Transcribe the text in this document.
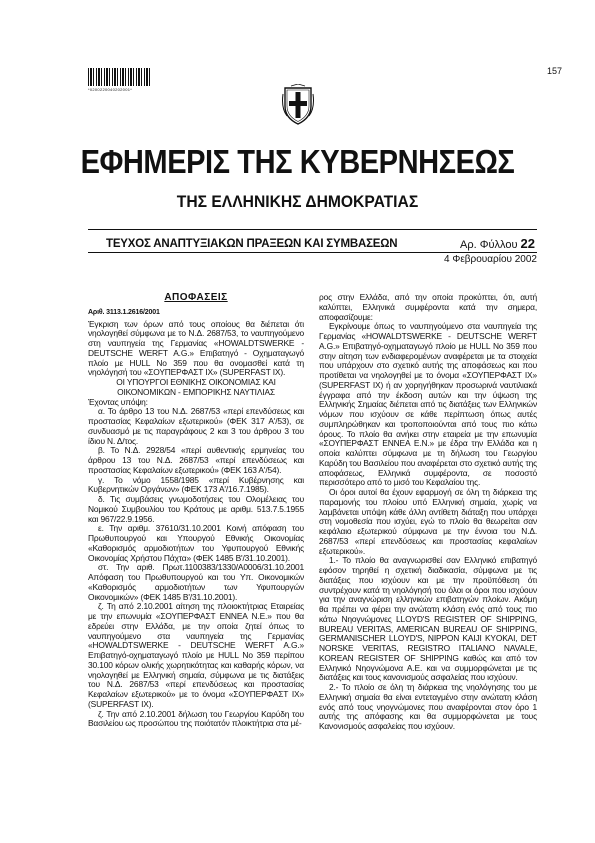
*0200220040202001*
157
ΕΦΗΜΕΡΙΣ ΤΗΣ ΚΥΒΕΡΝΗΣΕΩΣ
ΤΗΣ ΕΛΛΗΝΙΚΗΣ ΔΗΜΟΚΡΑΤΙΑΣ
ΤΕΥΧΟΣ ΑΝΑΠΤΥΞΙΑΚΩΝ ΠΡΑΞΕΩΝ ΚΑΙ ΣΥΜΒΑΣΕΩΝ	Αρ. Φύλλου 22
4 Φεβρουαρίου 2002
ΑΠΟΦΑΣΕΙΣ
Αριθ. 3113.1.2616/2001

Έγκριση των όρων από τους οποίους θα διέπεται ότι νηολογηθεί σύμφωνα με το Ν.Δ. 2687/53, το ναυπηγούμενο στη ναυπηγεία της Γερμανίας «HOWALDTSWERKE - DEUTSCHE WERFT A.G.» Επιβατηγό - Οχηματαγωγό πλοίο με HULL No 359 που θα ονομασθεί κατά τη νηολόγησή του «ΣΟΥΠΕΡΦΑΣΤ ΙΧ» (SUPERFAST IX).

ΟΙ ΥΠΟΥΡΓΟΙ ΕΘΝΙΚΗΣ ΟΙΚΟΝΟΜΙΑΣ ΚΑΙ ΟΙΚΟΝΟΜΙΚΩΝ - ΕΜΠΟΡΙΚΗΣ ΝΑΥΤΙΛΙΑΣ

Έχοντας υπόψη:

α. Το άρθρο 13 του Ν.Δ. 2687/53 «περί επενδύσεως και προστασίας Κεφαλαίων εξωτερικού» (ΦΕΚ 317 Α'/53), σε συνδυασμό με τις παραγράφους 2 και 3 του άρθρου 3 του ίδιου Ν. Δ/τος.

β. Το Ν.Δ. 2928/54 «περί αυθεντικής ερμηνείας του άρθρου 13 του Ν.Δ. 2687/53 «περί επενδύσεως και προστασίας Κεφαλαίων εξωτερικού» (ΦΕΚ 163 Α'/54).

γ. Το νόμο 1558/1985 «περί Κυβέρνησης και Κυβερνητικών Οργάνων» (ΦΕΚ 173 Α'/16.7.1985).

δ. Τις συμβάσεις γνωμοδοτήσεις του Ολομέλειας του Νομικού Συμβουλίου του Κράτους με αριθμ. 513.7.5.1955 και 967/22.9.1956.

ε. Την αριθμ. 37610/31.10.2001 Κοινή απόφαση του Πρωθυπουργού και Υπουργού Εθνικής Οικονομίας «Καθορισμός αρμοδιοτήτων του Υφυπουργού Εθνικής Οικονομίας Χρήστου Πάχτα» (ΦΕΚ 1485 Β'/31.10.2001).

στ. Την αριθ. Πρωτ.1100383/1330/Α0006/31.10.2001 Απόφαση του Πρωθυπουργού και του Υπ. Οικονομικών «Καθορισμός αρμοδιοτήτων των Υφυπουργών Οικονομικών» (ΦΕΚ 1485 Β'/31.10.2001).

ζ. Τη από 2.10.2001 αίτηση της πλοιοκτήτριας Εταιρείας με την επωνυμία «ΣΟΥΠΕΡΦΑΣΤ ENNEA Ν.Ε.» που θα εδρεύει στην Ελλάδα, με την οποία ζητεί όπως το ναυπηγούμενο στα ναυπηγεία της Γερμανίας «HOWALDTSWERKE - DEUTSCHE WERFT A.G.» Επιβατηγό-οχηματαγωγό πλοίο με HULL No 359 περίπου 30.100 κόρων ολικής χωρητικότητας και καθαρής κόρων, να νηολογηθεί με Ελληνική σημαία, σύμφωνα με τις διατάξεις του Ν.Δ. 2687/53 «περί επενδύσεως και προστασίας Κεφαλαίων εξωτερικού» με το όνομα «ΣΟΥΠΕΡΦΑΣΤ ΙΧ» (SUPERFAST IX).

ζ. Την από 2.10.2001 δήλωση του Γεωργίου Καρύδη του Βασιλείου ως προσώπου της ποιότατόν πλοικτήτρια στα μέ-

ρος στην Ελλάδα, από την οποία προκύπτει, ότι, αυτή καλύπτει, Ελληνικά συμφέροντα κατά την σημερα, αποφασίζουμε:

Εγκρίνουμε όπως το ναυπηγούμενο στα ναυπηγεία της Γερμανίας «HOWALDTSWERKE - DEUTSCHE WERFT A.G.» Επιβατηγό-οχηματαγωγό πλοίο με HULL No 359 που στην αίτηση των ενδιαφερομένων αναφέρεται με τα στοιχεία που υπάρχουν στο σχετικό αυτής της αποφάσεως και που προτίθεται να νηολογηθεί με το όνομα «ΣΟΥΠΕΡΦΑΣΤ ΙΧ» (SUPERFAST IX) ή αν χορηγήθηκαν προσωρινά ναυτιλιακά έγγραφα από την έκδοση αυτών και την ύψωση της Ελληνικής Σημαίας διέπεται από τις διατάξεις των Ελληνικών νόμων που ισχύουν σε κάθε περίπτωση όπως αυτές συμπληρώθηκαν και τροποποιούνται από τους πιο κάτω όρους. Το πλοίο θα ανήκει στην εταιρεία με την επωνυμία «ΣΟΥΠΕΡΦΑΣΤ ENNEA Ε.Ν.» με έδρα την Ελλάδα και η οποία καλύπτει σύμφωνα με τη δήλωση του Γεωργίου Καρύδη του Βασιλείου που αναφέρεται στο σχετικό αυτής της αποφάσεως, Ελληνικά συμφέροντα, σε ποσοστό περισσότερο από το μισό του Κεφαλαίου της.

Οι όροι αυτοί θα έχουν εφαρμογή σε όλη τη διάρκεια της παραμονής του πλοίου υπό Ελληνική σημαία, χωρίς να λαμβάνεται υπόψη κάθε άλλη αντίθετη διάταξη που υπάρχει στη νομοθεσία που ισχύει, εγώ το πλοίο θα θεωρείται σαν κεφάλαιο εξωτερικού σύμφωνα με την έννοια του Ν.Δ. 2687/53 «περί επενδύσεως και προστασίας κεφαλαίων εξωτερικού».

1.- Το πλοίο θα αναγνωρισθεί σαν Ελληνικό επιβατηγό εφόσον τηρηθεί η σχετική διαδικασία, σύμφωνα με τις διατάξεις που ισχύουν και με την προϋπόθεση ότι συντρέχουν κατά τη νηολόγησή του όλοι οι όροι που ισχύουν για την αναγνώριση ελληνικών επιβατηγών πλοίων. Ακόμη θα πρέπει να φέρει την ανώτατη κλάση ενός από τους πιο κάτω Νηογνώμονες LLOYD'S REGISTER OF SHIPPING, BUREAU VERITAS, AMERICAN BUREAU OF SHIPPING, GERMANISCHER LLOYD'S, NIPPON KAIJI KYOKAI, DET NORSKE VERITAS, REGISTRO ITALIANO NAVALE, KOREAN REGISTER OF SHIPPING καθώς και από τον Ελληνικό Νηογνώμονα Α.Ε. και να συμμορφώνεται με τις διατάξεις και τους κανονισμούς ασφαλείας που ισχύουν.

2.- Το πλοίο σε όλη τη διάρκεια της νηολόγησης του με Ελληνική σημαία θα είναι εντεταγμένο στην ανώτατη κλάση ενός από τους νηογνώμονες που αναφέρονται στον όρο 1 αυτής της απόφασης και θα συμμορφώνεται με τους Κανονισμούς ασφαλείας που ισχύουν.
